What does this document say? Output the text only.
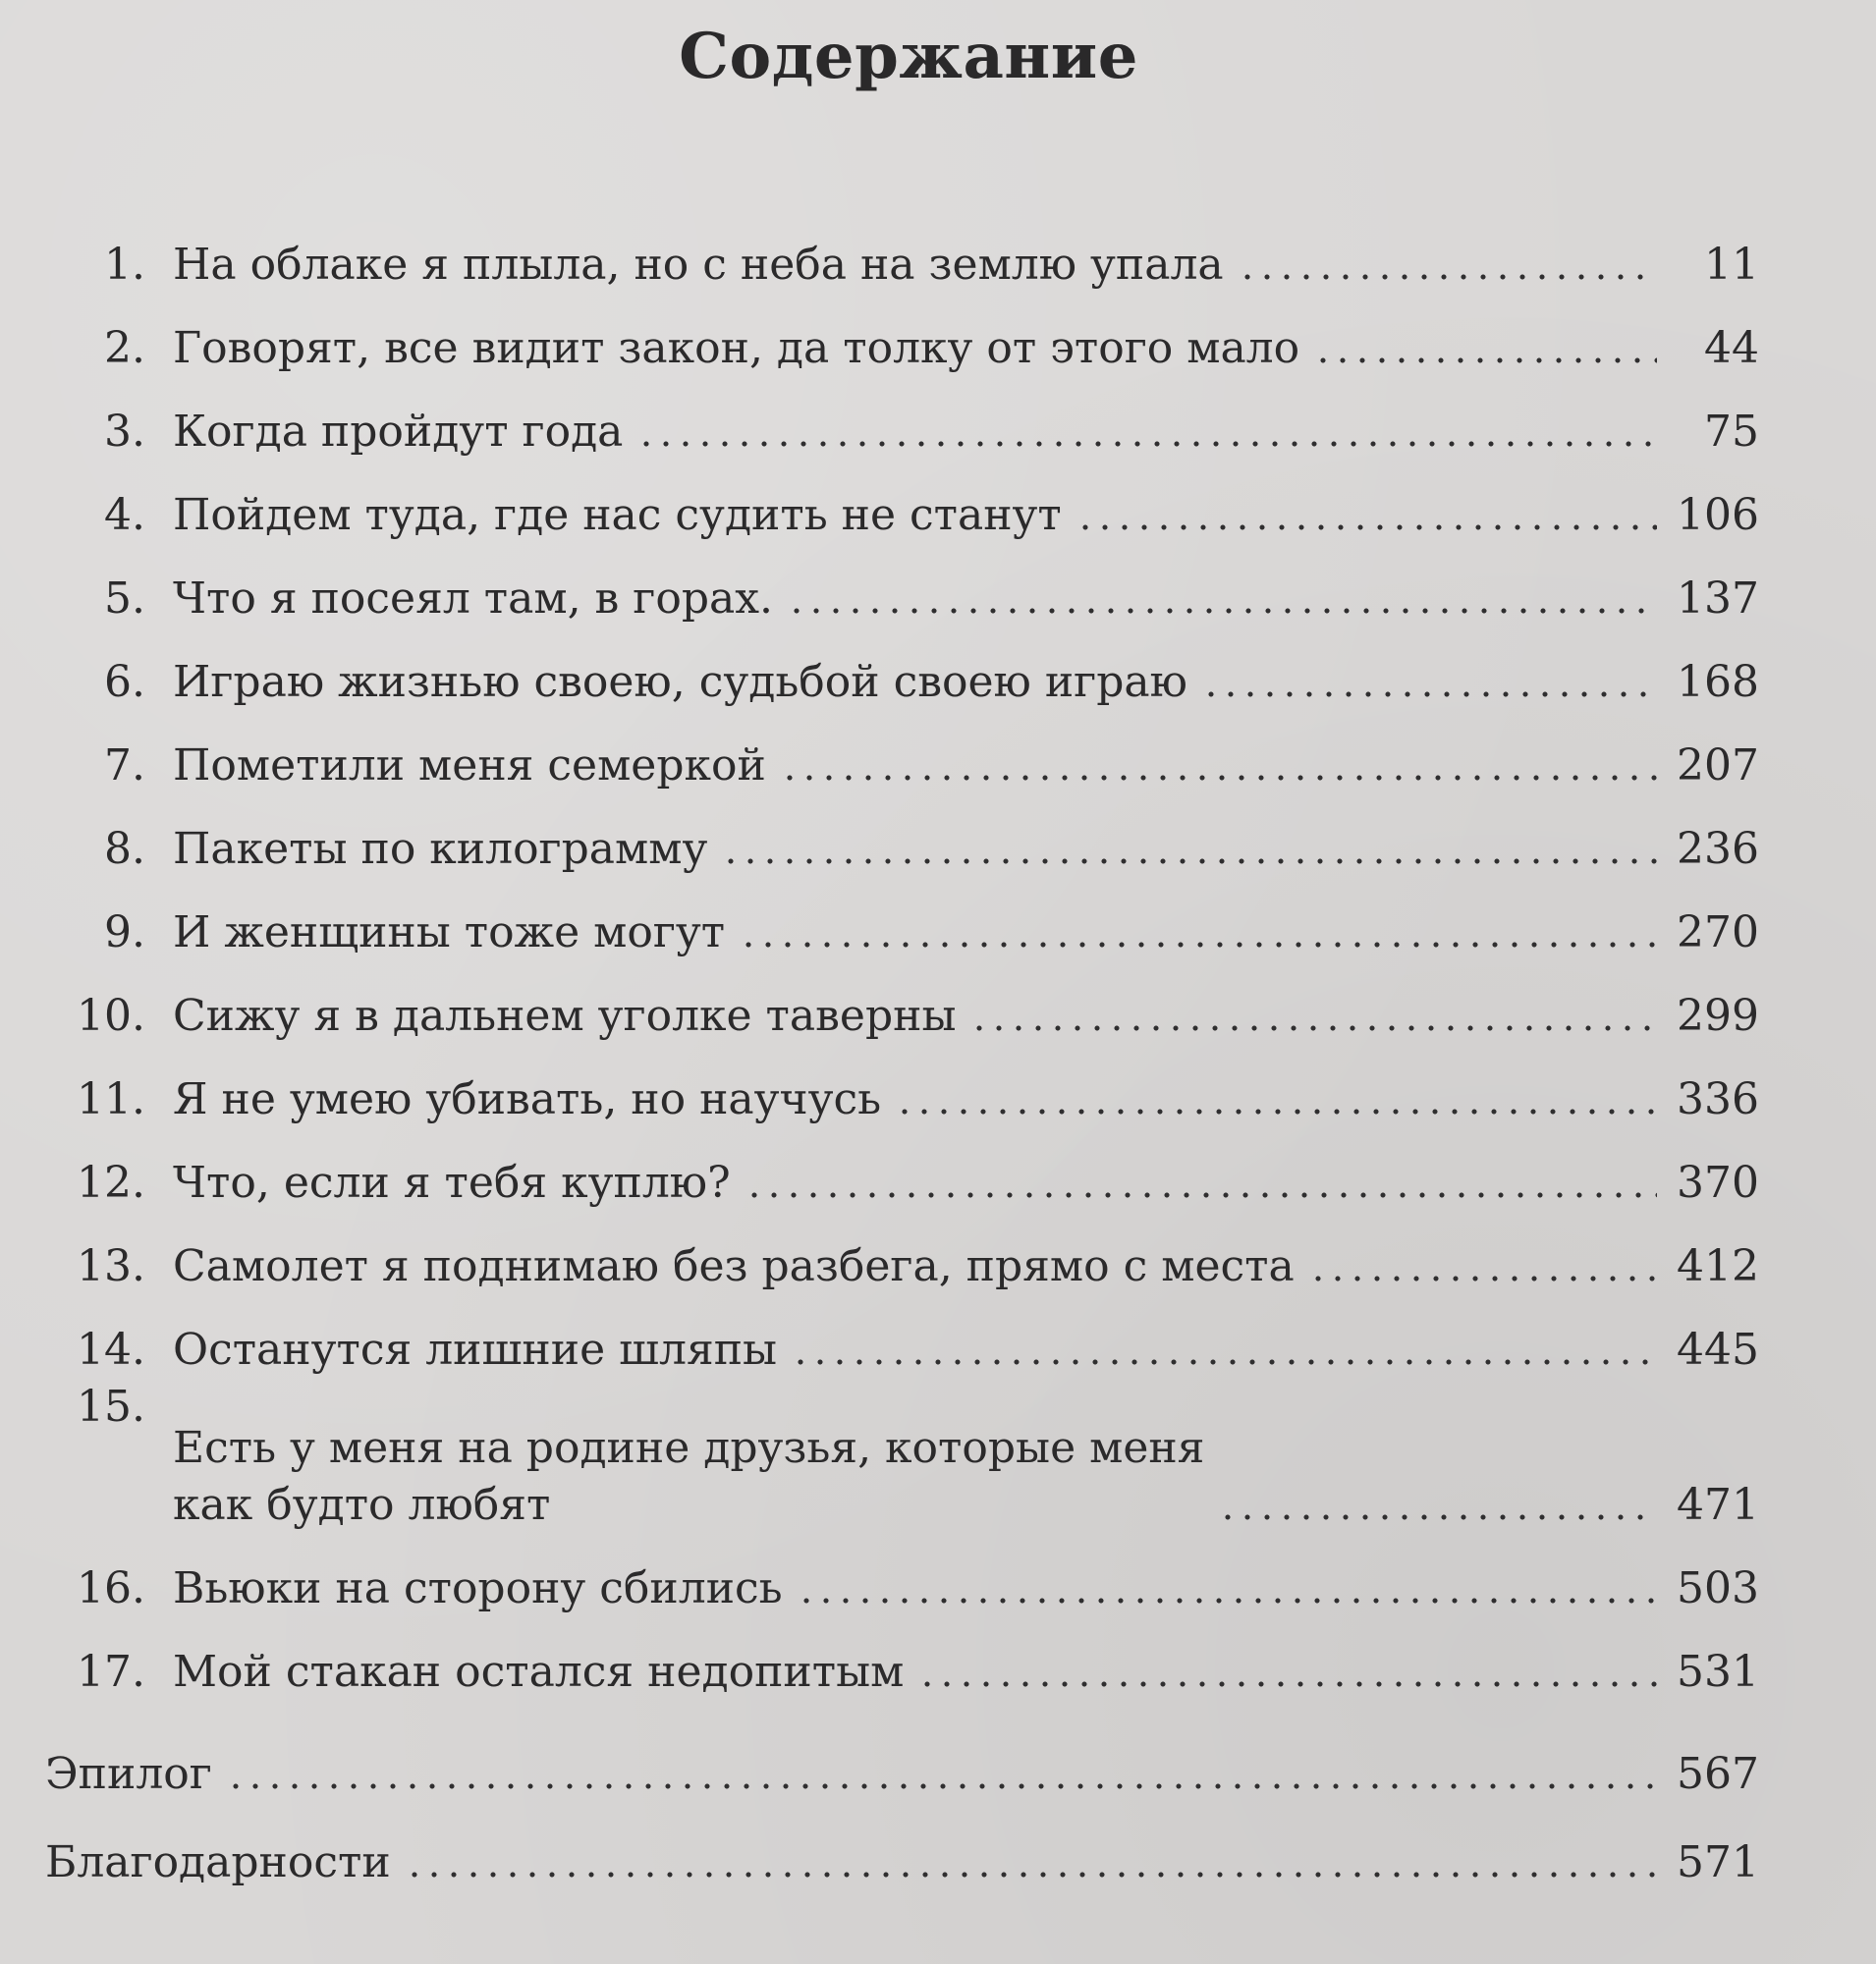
Содержание
1. На облаке я плыла, но с неба на землю упала	11
2. Говорят, все видит закон, да толку от этого мало	44
3. Когда пройдут года	75
4. Пойдем туда, где нас судить не станут	106
5. Что я посеял там, в горах.	137
6. Играю жизнью своею, судьбой своею играю	168
7. Пометили меня семеркой	207
8. Пакеты по килограмму	236
9. И женщины тоже могут	270
10. Сижу я в дальнем уголке таверны	299
11. Я не умею убивать, но научусь	336
12. Что, если я тебя куплю?	370
13. Самолет я поднимаю без разбега, прямо с места	412
14. Останутся лишние шляпы	445
15.
Есть у меня на родине друзья, которые меня
как будто любят	471
16. Вьюки на сторону сбились	503
17. Мой стакан остался недопитым	531
Эпилог	567
Благодарности	571
